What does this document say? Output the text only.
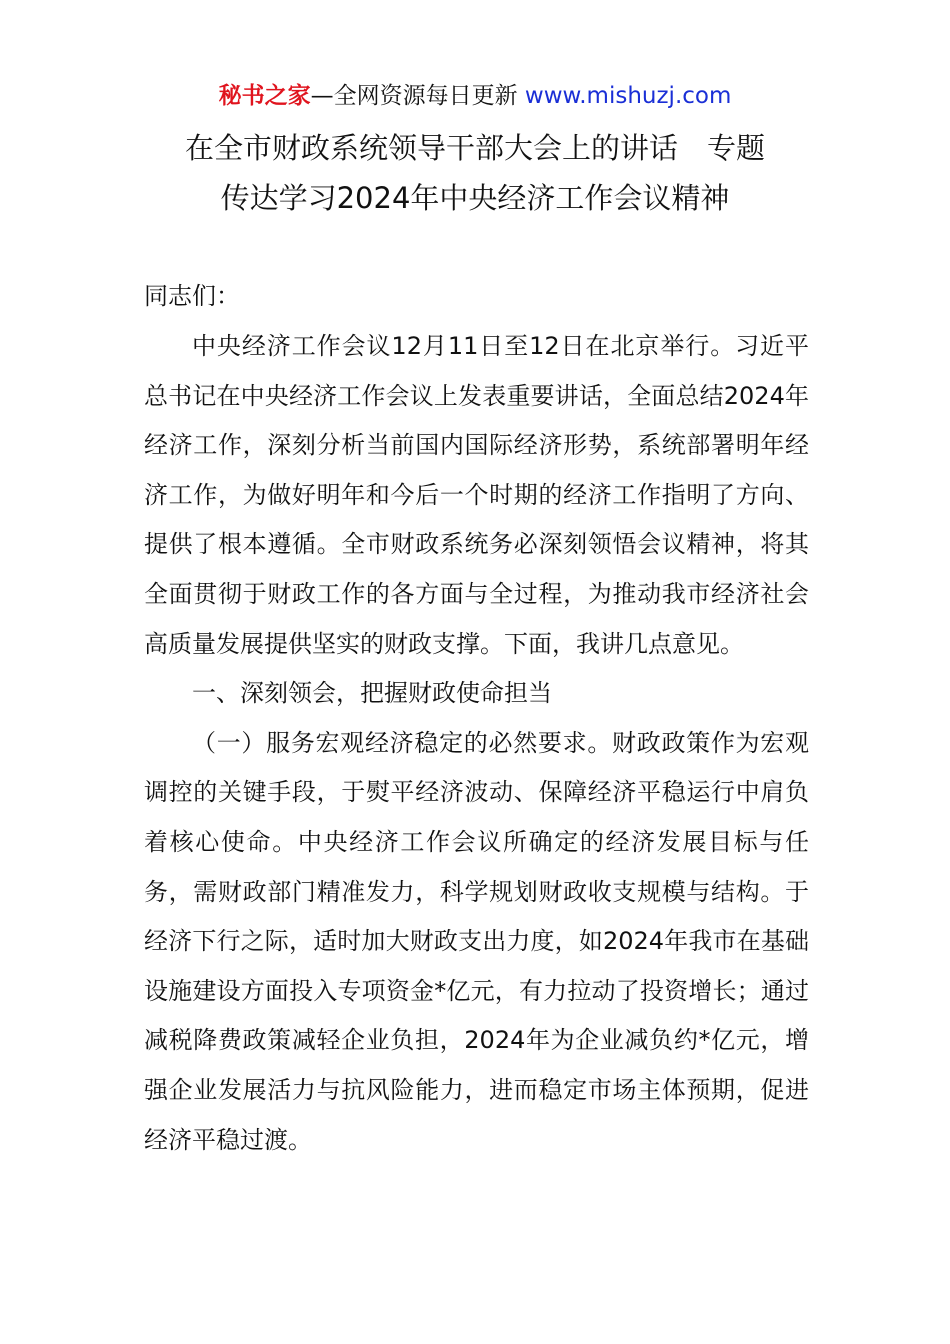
秘书之家—全网资源每日更新 www.mishuzj.com
在全市财政系统领导干部大会上的讲话　专题
传达学习2024年中央经济工作会议精神

同志们：

中央经济工作会议12月11日至12日在北京举行。习近平总书记在中央经济工作会议上发表重要讲话，全面总结2024年经济工作，深刻分析当前国内国际经济形势，系统部署明年经济工作，为做好明年和今后一个时期的经济工作指明了方向、提供了根本遵循。全市财政系统务必深刻领悟会议精神，将其全面贯彻于财政工作的各方面与全过程，为推动我市经济社会高质量发展提供坚实的财政支撑。下面，我讲几点意见。

一、深刻领会，把握财政使命担当

（一）服务宏观经济稳定的必然要求。财政政策作为宏观调控的关键手段，于熨平经济波动、保障经济平稳运行中肩负着核心使命。中央经济工作会议所确定的经济发展目标与任务，需财政部门精准发力，科学规划财政收支规模与结构。于经济下行之际，适时加大财政支出力度，如2024年我市在基础设施建设方面投入专项资金*亿元，有力拉动了投资增长；通过减税降费政策减轻企业负担，2024年为企业减负约*亿元，增强企业发展活力与抗风险能力，进而稳定市场主体预期，促进经济平稳过渡。
